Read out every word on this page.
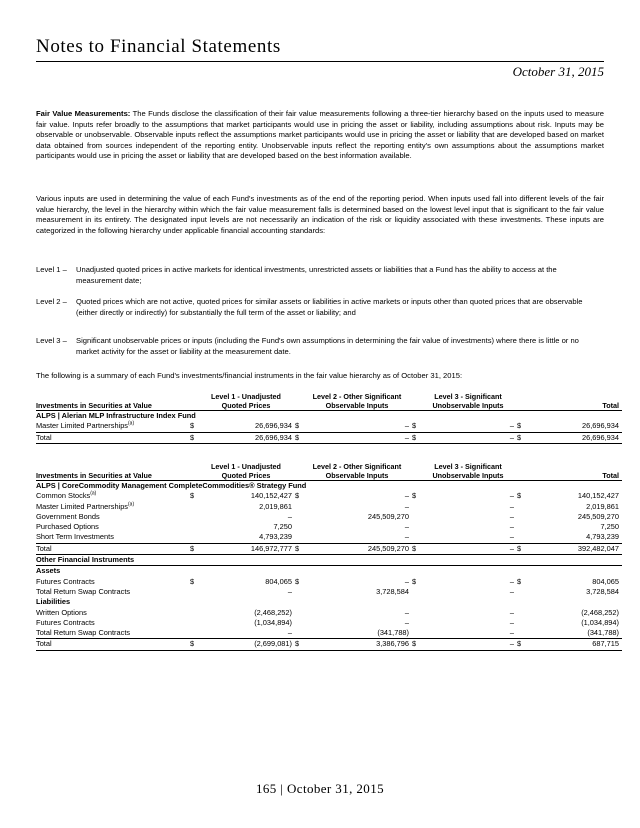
Notes to Financial Statements
October 31, 2015
Fair Value Measurements: The Funds disclose the classification of their fair value measurements following a three-tier hierarchy based on the inputs used to measure fair value. Inputs refer broadly to the assumptions that market participants would use in pricing the asset or liability, including assumptions about risk. Inputs may be observable or unobservable. Observable inputs reflect the assumptions market participants would use in pricing the asset or liability that are developed based on market data obtained from sources independent of the reporting entity. Unobservable inputs reflect the reporting entity's own assumptions about the assumptions market participants would use in pricing the asset or liability that are developed based on the best information available.
Various inputs are used in determining the value of each Fund's investments as of the end of the reporting period. When inputs used fall into different levels of the fair value hierarchy, the level in the hierarchy within which the fair value measurement falls is determined based on the lowest level input that is significant to the fair value measurement in its entirety. The designated input levels are not necessarily an indication of the risk or liquidity associated with these investments. These inputs are categorized in the following hierarchy under applicable financial accounting standards:
Level 1 –	Unadjusted quoted prices in active markets for identical investments, unrestricted assets or liabilities that a Fund has the ability to access at the measurement date;
Level 2 –	Quoted prices which are not active, quoted prices for similar assets or liabilities in active markets or inputs other than quoted prices that are observable (either directly or indirectly) for substantially the full term of the asset or liability; and
Level 3 –	Significant unobservable prices or inputs (including the Fund's own assumptions in determining the fair value of investments) where there is little or no market activity for the asset or liability at the measurement date.
The following is a summary of each Fund's investments/financial instruments in the fair value hierarchy as of October 31, 2015:
Investments in Securities at Value		Level 1 - Unadjusted Quoted Prices		Level 2 - Other Significant Observable Inputs		Level 3 - Significant Unobservable Inputs		Total
ALPS | Alerian MLP Infrastructure Index Fund								
Master Limited Partnerships$^{(a)}$	$	26,696,934	$	–	$	–	$	26,696,934
Total	$	26,696,934	$	–	$	–	$	26,696,934
Investments in Securities at Value		Level 1 - Unadjusted Quoted Prices		Level 2 - Other Significant Observable Inputs		Level 3 - Significant Unobservable Inputs		Total
ALPS | CoreCommodity Management CompleteCommodities® Strategy Fund								
Common Stocks$^{(a)}$	$	140,152,427	$	–	$	–	$	140,152,427
Master Limited Partnerships$^{(a)}$		2,019,861		–		–		2,019,861
Government Bonds		–		245,509,270		–		245,509,270
Purchased Options		7,250		–		–		7,250
Short Term Investments		4,793,239		–		–		4,793,239
Total	$	146,972,777	$	245,509,270	$	–	$	392,482,047
Other Financial Instruments								
Assets								
Futures Contracts	$	804,065	$	–	$	–	$	804,065
Total Return Swap Contracts		–		3,728,584		–		3,728,584
Liabilities								
Written Options		(2,468,252)		–		–		(2,468,252)
Futures Contracts		(1,034,894)		–		–		(1,034,894)
Total Return Swap Contracts		–		(341,788)		–		(341,788)
Total	$	(2,699,081)	$	3,386,796	$	–	$	687,715
165 | October 31, 2015
